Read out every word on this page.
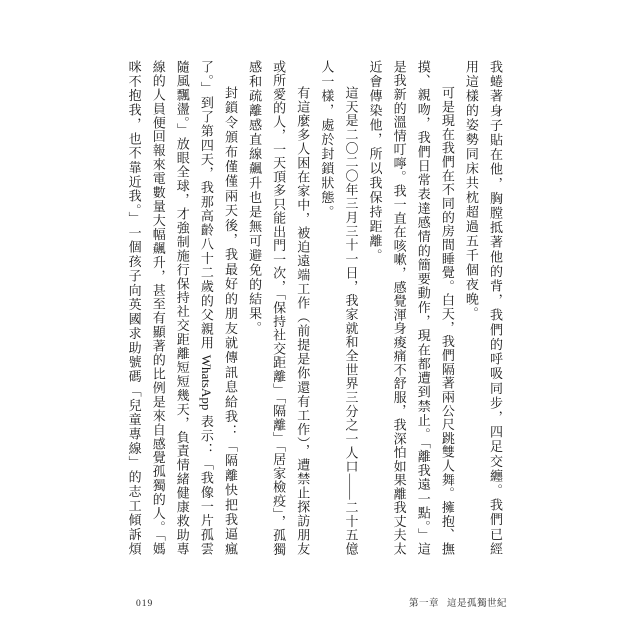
我蜷著身子貼在他，胸膛抵著他的背，我們的呼吸同步，四足交纏。我們已經
用這樣的姿勢同床共枕超過五千個夜晚。
可是現在我們在不同的房間睡覺。白天，我們隔著兩公尺跳雙人舞。擁抱、撫
摸、親吻，我們日常表達感情的簡要動作，現在都遭到禁止。「離我遠一點。」這
是我新的溫情叮嚀。我一直在咳嗽，感覺渾身痠痛不舒服，我深怕如果離我丈夫太
近會傳染他，所以我保持距離。
這天是二〇二〇年三月三十一日，我家就和全世界三分之一人口——二十五億
人一樣，處於封鎖狀態。
有這麼多人困在家中，被迫遠端工作（前提是你還有工作），遭禁止探訪朋友
或所愛的人，一天頂多只能出門一次，「保持社交距離」「隔離」「居家檢疫」，孤獨
感和疏離感直線飆升也是無可避免的結果。
封鎖令頒布僅僅兩天後，我最好的朋友就傳訊息給我：「隔離快把我逼瘋
了。」到了第四天，我那高齡八十二歲的父親用 WhatsApp 表示：「我像一片孤雲
隨風飄盪。」放眼全球，才強制施行保持社交距離短短幾天，負責情緒健康救助專
線的人員便回報來電數量大幅飆升，甚至有顯著的比例是來自感覺孤獨的人。「媽
咪不抱我，也不靠近我。」一個孩子向英國求助號碼「兒童專線」的志工傾訴煩
019	第一章 這是孤獨世紀
